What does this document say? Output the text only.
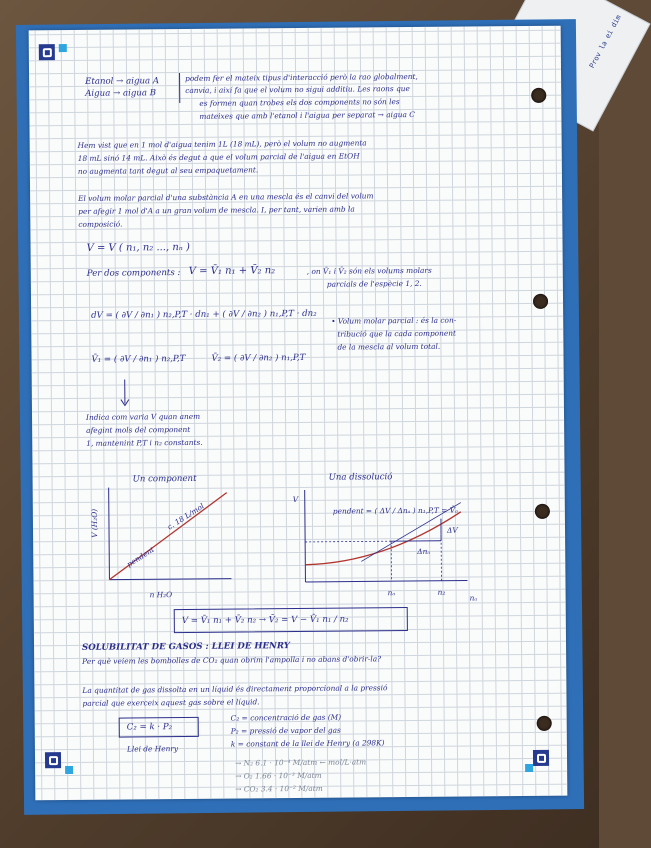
Prov la ei dim
Etanol → aigua A
Aigua → aigua B
podem fer el mateix tipus d'interacció però la rao globalment,
canvia, i així fa que el volum no sigui additiu. Les raons que
es formen quan trobes els dos components no són les
mateixes que amb l'etanol i l'aigua per separat → aigua C
Hem vist que en 1 mol d'aigua tenim 1L (18 mL), però el volum no augmenta
18 mL sinó 14 mL. Això és degut a que el volum parcial de l'aigua en EtOH
no augmenta tant degut al seu empaquetament.
El volum molar parcial d'una substància A en una mescla és el canvi del volum
per afegir 1 mol d'A a un gran volum de mescla. I, per tant, varien amb la
composició.
V = V ( n₁, n₂ ..., nₙ )
Per dos components : V = V̄₁ n₁ + V̄₂ n₂	, on V̄₁ i V̄₂ són els volums molars
parcials de l'espècie 1, 2.
dV = ( ∂V / ∂n₁ ) n₂,P,T · dn₁ + ( ∂V / ∂n₂ ) n₁,P,T · dn₂
V̄₁ = ( ∂V / ∂n₁ ) n₂,P,T	V̄₂ = ( ∂V / ∂n₂ ) n₁,P,T
• Volum molar parcial : és la con-
tribució que la cada component
de la mescla al volum total.
Indica com varia V quan anem
afegint mols del component
1, mantenint P,T i n₂ constants.
Un component
V (H₂O)
n H₂O
pendent
c. 18 L/mol
Una dissolució
V
nₐ
pendent = ( ΔV / Δnₐ ) n₁,P,T = V̄ₐ
ΔV
Δnₐ
nₐ	n₂
V = V̄₁ n₁ + V̄₂ n₂ → V̄₂ = V − V̄₁ n₁ / n₂
SOLUBILITAT DE GASOS : LLEI DE HENRY
Per què veiem les bombolles de CO₂ quan obrim l'ampolla i no abans d'obrir-la?
La quantitat de gas dissolta en un líquid és directament proporcional a la pressió
parcial que exerceix aquest gas sobre el líquid.
C₂ = k · P₂
Llei de Henry
C₂ = concentració de gas (M)
P₂ = pressió de vapor del gas
k = constant de la llei de Henry (a 298K)
→ N₂ 6.1 · 10⁻⁴ M/atm ← mol/L·atm
→ O₂ 1.66 · 10⁻³ M/atm
→ CO₂ 3.4 · 10⁻² M/atm
